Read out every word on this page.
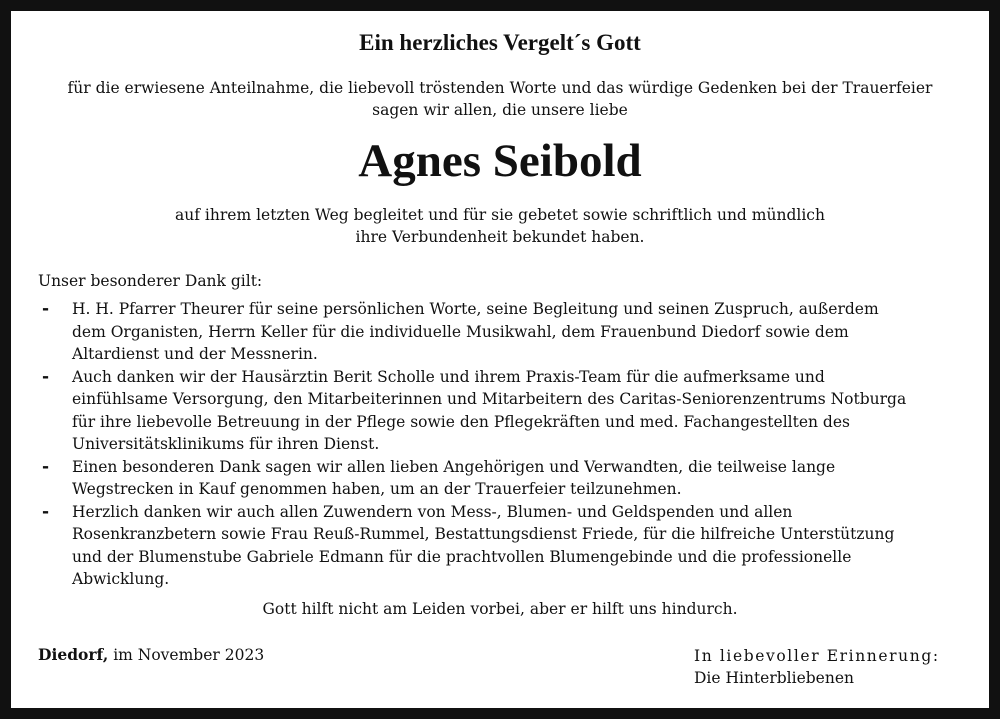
Ein herzliches Vergelt´s Gott
für die erwiesene Anteilnahme, die liebevoll tröstenden Worte und das würdige Gedenken bei der Trauerfeier
sagen wir allen, die unsere liebe
Agnes Seibold
auf ihrem letzten Weg begleitet und für sie gebetet sowie schriftlich und mündlich
ihre Verbundenheit bekundet haben.
Unser besonderer Dank gilt:
- H. H. Pfarrer Theurer für seine persönlichen Worte, seine Begleitung und seinen Zuspruch, außerdem
dem Organisten, Herrn Keller für die individuelle Musikwahl, dem Frauenbund Diedorf sowie dem
Altardienst und der Messnerin.
- Auch danken wir der Hausärztin Berit Scholle und ihrem Praxis-Team für die aufmerksame und
einfühlsame Versorgung, den Mitarbeiterinnen und Mitarbeitern des Caritas-Seniorenzentrums Notburga
für ihre liebevolle Betreuung in der Pflege sowie den Pflegekräften und med. Fachangestellten des
Universitätsklinikums für ihren Dienst.
- Einen besonderen Dank sagen wir allen lieben Angehörigen und Verwandten, die teilweise lange
Wegstrecken in Kauf genommen haben, um an der Trauerfeier teilzunehmen.
- Herzlich danken wir auch allen Zuwendern von Mess-, Blumen- und Geldspenden und allen
Rosenkranzbetern sowie Frau Reuß-Rummel, Bestattungsdienst Friede, für die hilfreiche Unterstützung
und der Blumenstube Gabriele Edmann für die prachtvollen Blumengebinde und die professionelle
Abwicklung.
Gott hilft nicht am Leiden vorbei, aber er hilft uns hindurch.
Diedorf, im November 2023	In liebevoller Erinnerung:
Die Hinterbliebenen
